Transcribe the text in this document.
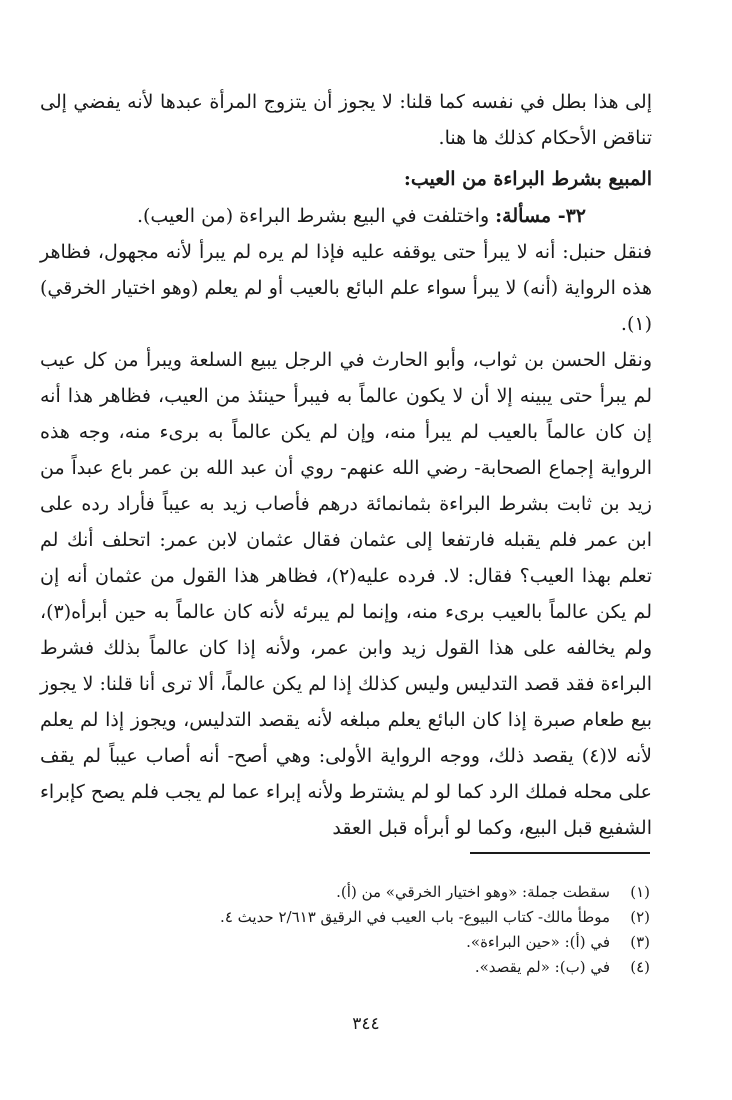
إلى هذا بطل في نفسه كما قلنا: لا يجوز أن يتزوج المرأة عبدها لأنه يفضي إلى تناقض الأحكام كذلك ها هنا.

المبيع بشرط البراءة من العيب:

٣٢- مسألة: واختلفت في البيع بشرط البراءة (من العيب).

فنقل حنبل: أنه لا يبرأ حتى يوقفه عليه فإذا لم يره لم يبرأ لأنه مجهول، فظاهر هذه الرواية (أنه) لا يبرأ سواء علم البائع بالعيب أو لم يعلم (وهو اختيار الخرقي)(١).

ونقل الحسن بن ثواب، وأبو الحارث في الرجل يبيع السلعة ويبرأ من كل عيب لم يبرأ حتى يبينه إلا أن لا يكون عالماً به فيبرأ حينئذ من العيب، فظاهر هذا أنه إن كان عالماً بالعيب لم يبرأ منه، وإن لم يكن عالماً به برىء منه، وجه هذه الرواية إجماع الصحابة- رضي الله عنهم- روي أن عبد الله بن عمر باع عبداً من زيد بن ثابت بشرط البراءة بثمانمائة درهم فأصاب زيد به عيباً فأراد رده على ابن عمر فلم يقبله فارتفعا إلى عثمان فقال عثمان لابن عمر: اتحلف أنك لم تعلم بهذا العيب؟ فقال: لا. فرده عليه(٢)، فظاهر هذا القول من عثمان أنه إن لم يكن عالماً بالعيب برىء منه، وإنما لم يبرئه لأنه كان عالماً به حين أبرأه(٣)، ولم يخالفه على هذا القول زيد وابن عمر، ولأنه إذا كان عالماً بذلك فشرط البراءة فقد قصد التدليس وليس كذلك إذا لم يكن عالماً، ألا ترى أنا قلنا: لا يجوز بيع طعام صبرة إذا كان البائع يعلم مبلغه لأنه يقصد التدليس، ويجوز إذا لم يعلم لأنه لا(٤) يقصد ذلك، ووجه الرواية الأولى: وهي أصح- أنه أصاب عيباً لم يقف على محله فملك الرد كما لو لم يشترط ولأنه إبراء عما لم يجب فلم يصح كإبراء الشفيع قبل البيع، وكما لو أبرأه قبل العقد

(١)
سقطت جملة: «وهو اختيار الخرقي» من (أ).
(٢)
موطأ مالك- كتاب البيوع- باب العيب في الرقيق ٢/٦١٣ حديث ٤.
(٣)
في (أ): «حين البراءة».
(٤)
في (ب): «لم يقصد».
٣٤٤
